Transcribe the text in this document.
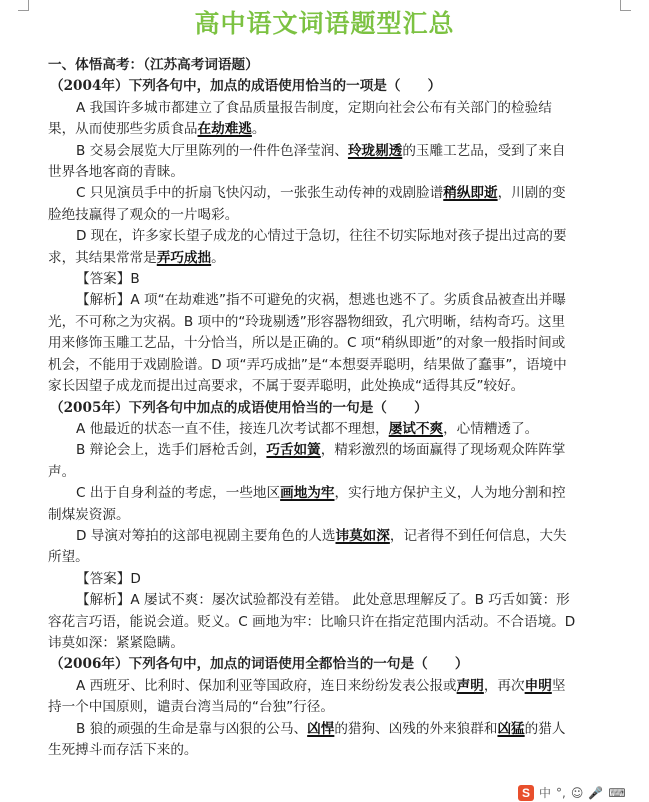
高中语文词语题型汇总

一、体悟高考：（江苏高考词语题）

（2004年）下列各句中，加点的成语使用恰当的一项是（　　）

A 我国许多城市都建立了食品质量报告制度，定期向社会公布有关部门的检验结果，从而使那些劣质食品在劫难逃。

B 交易会展览大厅里陈列的一件件色泽莹润、玲珑剔透的玉雕工艺品，受到了来自世界各地客商的青睐。

C 只见演员手中的折扇飞快闪动，一张张生动传神的戏剧脸谱稍纵即逝，川剧的变脸绝技赢得了观众的一片喝彩。

D 现在，许多家长望子成龙的心情过于急切，往往不切实际地对孩子提出过高的要求，其结果常常是弄巧成拙。

【答案】B

【解析】A 项“在劫难逃”指不可避免的灾祸，想逃也逃不了。劣质食品被查出并曝光，不可称之为灾祸。B 项中的“玲珑剔透”形容器物细致，孔穴明晰，结构奇巧。这里用来修饰玉雕工艺品，十分恰当，所以是正确的。C 项“稍纵即逝”的对象一般指时间或机会，不能用于戏剧脸谱。D 项“弄巧成拙”是“本想耍弄聪明，结果做了蠢事”，语境中家长因望子成龙而提出过高要求，不属于耍弄聪明，此处换成“适得其反”较好。

（2005年）下列各句中加点的成语使用恰当的一句是（　　）

A 他最近的状态一直不佳，接连几次考试都不理想，屡试不爽，心情糟透了。

B 辩论会上，选手们唇枪舌剑，巧舌如簧，精彩激烈的场面赢得了现场观众阵阵掌声。

C 出于自身利益的考虑，一些地区画地为牢，实行地方保护主义，人为地分割和控制煤炭资源。

D 导演对筹拍的这部电视剧主要角色的人选讳莫如深，记者得不到任何信息，大失所望。

【答案】D

【解析】A 屡试不爽：屡次试验都没有差错。 此处意思理解反了。B 巧舌如簧：形容花言巧语，能说会道。贬义。C 画地为牢：比喻只许在指定范围内活动。不合语境。D 讳莫如深：紧紧隐瞒。

（2006年）下列各句中，加点的词语使用全都恰当的一句是（　　）

A 西班牙、比利时、保加利亚等国政府，连日来纷纷发表公报或声明，再次申明坚持一个中国原则，谴责台湾当局的“台独”行径。

B 狼的顽强的生命是靠与凶狠的公马、凶悍的猎狗、凶残的外来狼群和凶猛的猎人生死搏斗而存活下来的。

S 中 °, ☺ 🎤 ⌨
